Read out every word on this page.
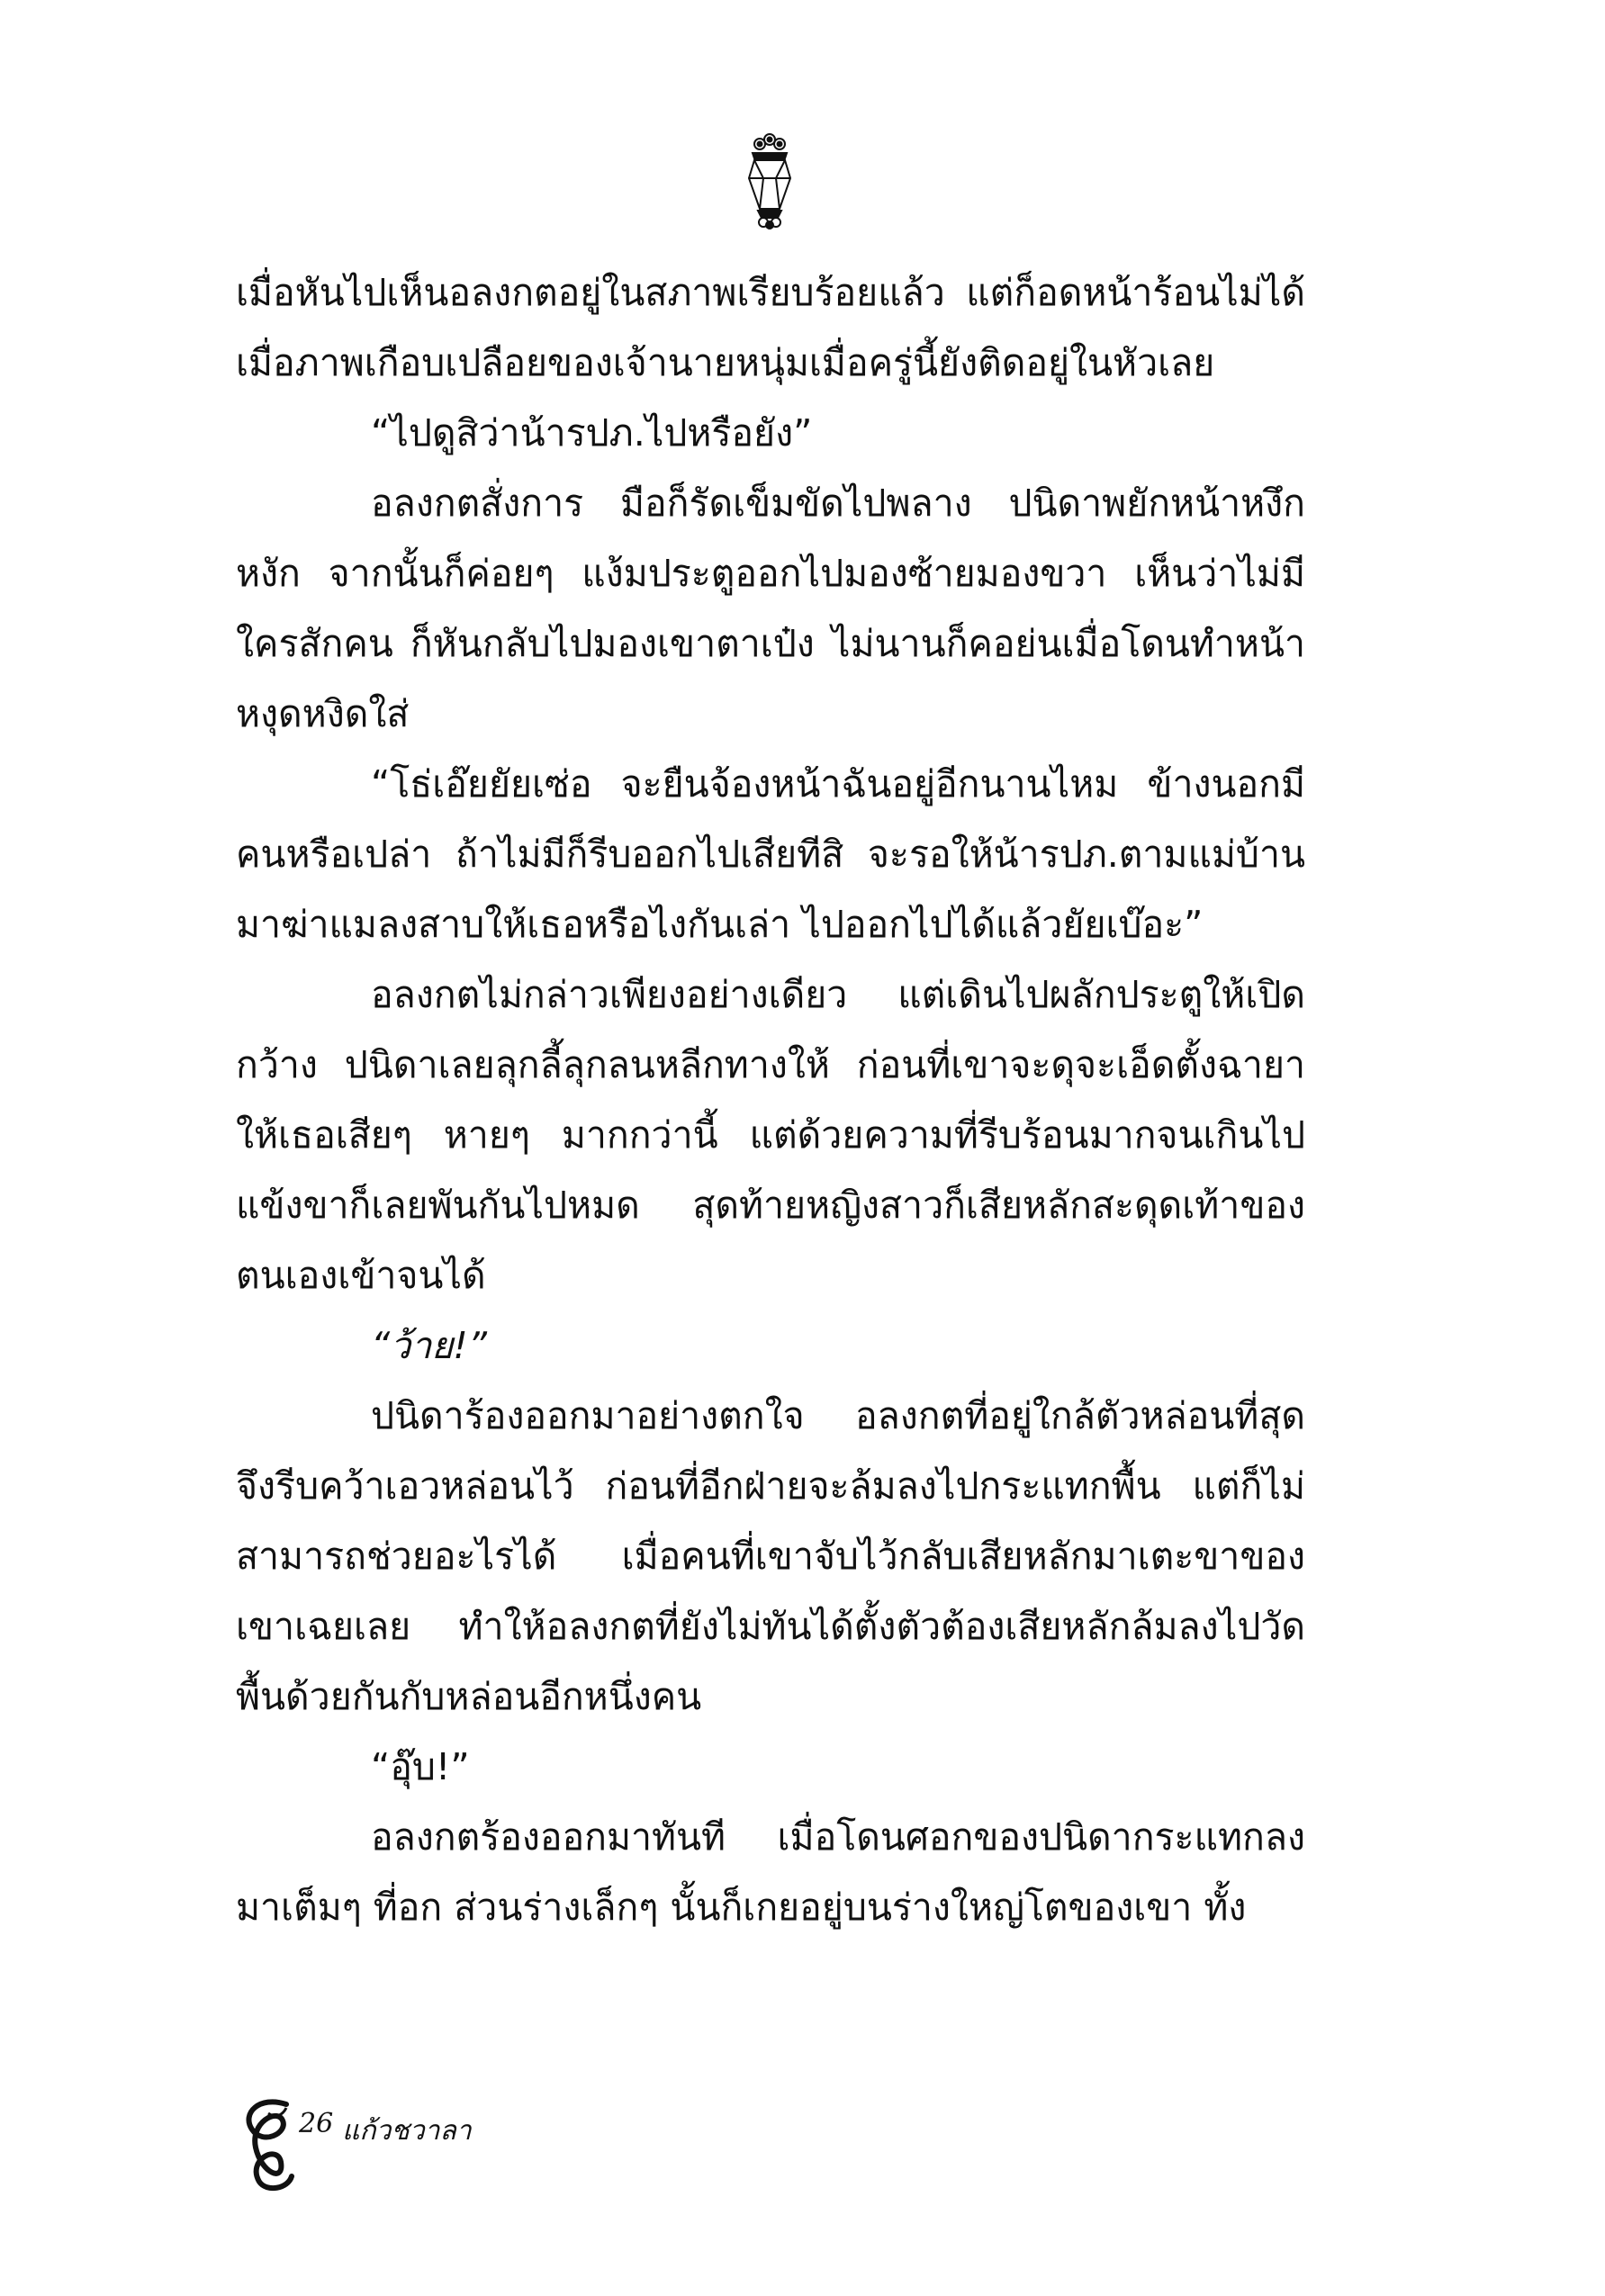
เมื่อหันไปเห็นอลงกตอยู่ในสภาพเรียบร้อยแล้ว แต่ก็อดหน้าร้อนไม่ได้ เมื่อภาพเกือบเปลือยของเจ้านายหนุ่มเมื่อครู่นี้ยังติดอยู่ในหัวเลย

“ไปดูสิว่าน้ารปภ.ไปหรือยัง”

อลงกตสั่งการ มือก็รัดเข็มขัดไปพลาง ปนิดาพยักหน้าหงึกหงัก จากนั้นก็ค่อยๆ แง้มประตูออกไปมองซ้ายมองขวา เห็นว่าไม่มีใครสักคน ก็หันกลับไปมองเขาตาเป๋ง ไม่นานก็คอย่นเมื่อโดนทำหน้าหงุดหงิดใส่

“โธ่เอ๊ยยัยเซ่อ จะยืนจ้องหน้าฉันอยู่อีกนานไหม ข้างนอกมีคนหรือเปล่า ถ้าไม่มีก็รีบออกไปเสียทีสิ จะรอให้น้ารปภ.ตามแม่บ้านมาฆ่าแมลงสาบให้เธอหรือไงกันเล่า ไปออกไปได้แล้วยัยเบ๊อะ”

อลงกตไม่กล่าวเพียงอย่างเดียว แต่เดินไปผลักประตูให้เปิดกว้าง ปนิดาเลยลุกลี้ลุกลนหลีกทางให้ ก่อนที่เขาจะดุจะเอ็ดตั้งฉายาให้เธอเสียๆ หายๆ มากกว่านี้ แต่ด้วยความที่รีบร้อนมากจนเกินไป แข้งขาก็เลยพันกันไปหมด สุดท้ายหญิงสาวก็เสียหลักสะดุดเท้าของตนเองเข้าจนได้

“ว้าย!”

ปนิดาร้องออกมาอย่างตกใจ อลงกตที่อยู่ใกล้ตัวหล่อนที่สุดจึงรีบคว้าเอวหล่อนไว้ ก่อนที่อีกฝ่ายจะล้มลงไปกระแทกพื้น แต่ก็ไม่สามารถช่วยอะไรได้ เมื่อคนที่เขาจับไว้กลับเสียหลักมาเตะขาของเขาเฉยเลย ทำให้อลงกตที่ยังไม่ทันได้ตั้งตัวต้องเสียหลักล้มลงไปวัดพื้นด้วยกันกับหล่อนอีกหนึ่งคน

“อุ๊บ!”

อลงกตร้องออกมาทันที เมื่อโดนศอกของปนิดากระแทกลงมาเต็มๆ ที่อก ส่วนร่างเล็กๆ นั้นก็เกยอยู่บนร่างใหญ่โตของเขา ทั้ง

26 แก้วชวาลา
